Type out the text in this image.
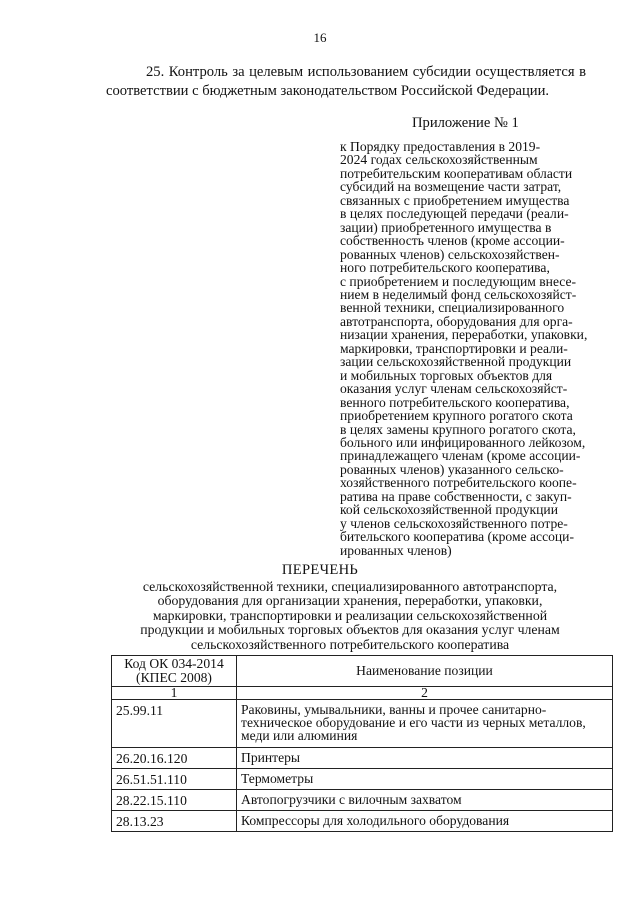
16

25. Контроль за целевым использованием субсидии осуществляется в соответствии с бюджетным законодательством Российской Федерации.

Приложение № 1
к Порядку предоставления в 2019-
2024 годах сельскохозяйственным
потребительским кооперативам области
субсидий на возмещение части затрат,
связанных с приобретением имущества
в целях последующей передачи (реали-
зации) приобретенного имущества в
собственность членов (кроме ассоции-
рованных членов) сельскохозяйствен-
ного потребительского кооператива,
с приобретением и последующим внесе-
нием в неделимый фонд сельскохозяйст-
венной техники, специализированного
автотранспорта, оборудования для орга-
низации хранения, переработки, упаковки,
маркировки, транспортировки и реали-
зации сельскохозяйственной продукции
и мобильных торговых объектов для
оказания услуг членам сельскохозяйст-
венного потребительского кооператива,
приобретением крупного рогатого скота
в целях замены крупного рогатого скота,
больного или инфицированного лейкозом,
принадлежащего членам (кроме ассоции-
рованных членов) указанного сельско-
хозяйственного потребительского коопе-
ратива на праве собственности, с закуп-
кой сельскохозяйственной продукции
у членов сельскохозяйственного потре-
бительского кооператива (кроме ассоци-
ированных членов)
ПЕРЕЧЕНЬ
сельскохозяйственной техники, специализированного автотранспорта,
оборудования для организации хранения, переработки, упаковки,
маркировки, транспортировки и реализации сельскохозяйственной
продукции и мобильных торговых объектов для оказания услуг членам
сельскохозяйственного потребительского кооператива
Код ОК 034-2014 (КПЕС 2008)	Наименование позиции
1	2
25.99.11	Раковины, умывальники, ванны и прочее санитарно-техническое оборудование и его части из черных металлов, меди или алюминия
26.20.16.120	Принтеры
26.51.51.110	Термометры
28.22.15.110	Автопогрузчики с вилочным захватом
28.13.23	Компрессоры для холодильного оборудования
